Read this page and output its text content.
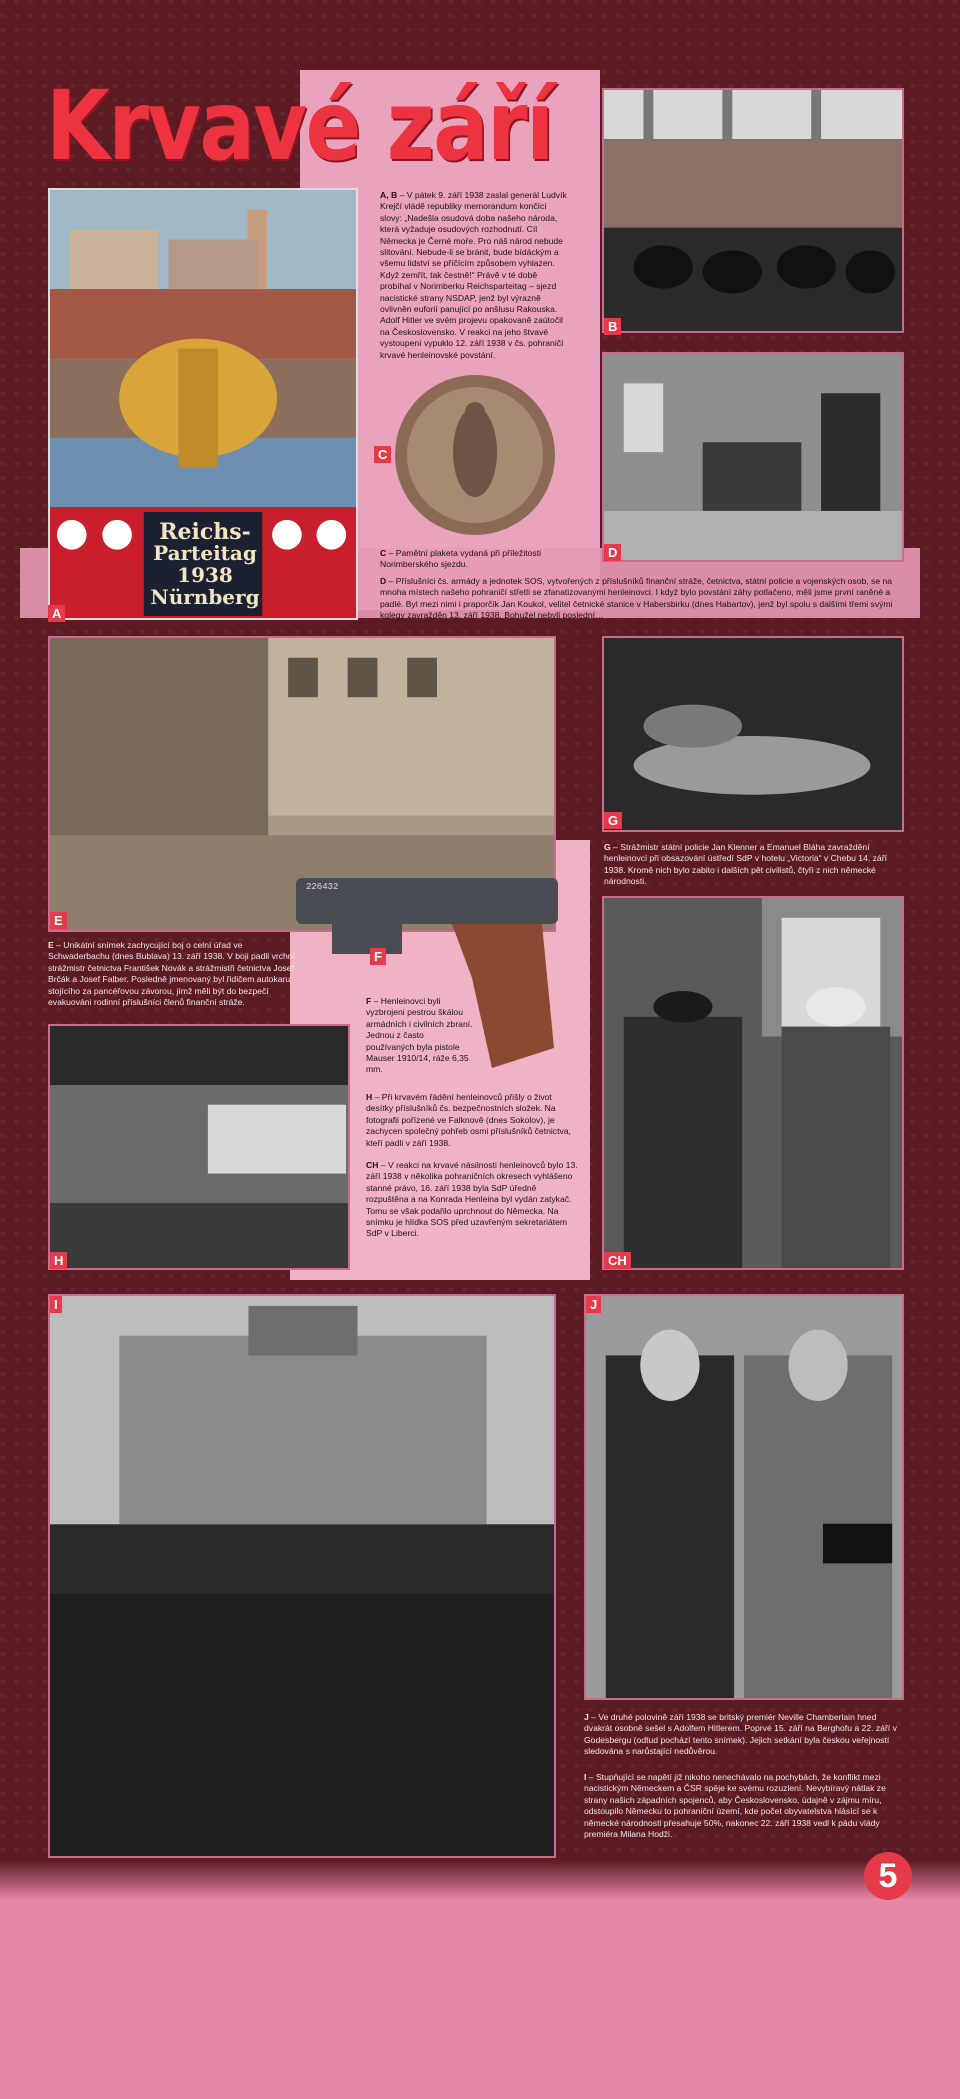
Krvavé září
Reichs-
Parteitag
1938
Nürnberg
A
A, B – V pátek 9. září 1938 zaslal generál Ludvík Krejčí vládě republiky memorandum končící slovy: „Nadešla osudová doba našeho národa, která vyžaduje osudových rozhodnutí. Cíl Německa je Černé moře. Pro náš národ nebude slitování. Nebude-li se bránit, bude bídáckým a všemu lidství se příčícím způsobem vyhlazen. Když zemřít, tak čestně!“ Právě v té době probíhal v Norimberku Reichsparteitag – sjezd nacistické strany NSDAP, jenž byl výrazně ovlivněn euforií panující po anšlusu Rakouska. Adolf Hitler ve svém projevu opakovaně zaútočil na Československo. V reakci na jeho štvavé vystoupení vypuklo 12. září 1938 v čs. pohraničí krvavé henleinovské povstání.
C
B
D
C – Pamětní plaketa vydaná při příležitosti Norimberského sjezdu.
D – Příslušníci čs. armády a jednotek SOS, vytvořených z příslušníků finanční stráže, četnictva, státní policie a vojenských osob, se na mnoha místech našeho pohraničí střetli se zfanatizovanými henleinovci. I když bylo povstání záhy potlačeno, měli jsme první raněné a padlé. Byl mezi nimi i praporčík Jan Koukol, velitel četnické stanice v Habersbirku (dnes Habartov), jenž byl spolu s dalšími třemi svými kolegy zavražděn 13. září 1938. Bohužel nebyli poslední…
E
G
G – Strážmistr státní policie Jan Klenner a Emanuel Bláha zavraždění henleinovci při obsazování ústředí SdP v hotelu „Victoria“ v Chebu 14. září 1938. Kromě nich bylo zabito i dalších pět civilistů, čtyři z nich německé národnosti.
226432
F
E – Unikátní snímek zachycující boj o celní úřad ve Schwaderbachu (dnes Bublava) 13. září 1938. V boji padli vrchní strážmistr četnictva František Novák a strážmistři četnictva Josef Brčák a Josef Falber. Posledně jmenovaný byl řidičem autokaru stojícího za pancéřovou závorou, jímž měli být do bezpečí evakuováni rodinní příslušníci členů finanční stráže.	F – Henleinovci byli vyzbrojeni pestrou škálou armádních i civilních zbraní. Jednou z často používaných byla pistole Mauser 1910/14, ráže 6,35 mm.
H – Při krvavém řádění henleinovců přišly o život desítky příslušníků čs. bezpečnostních složek. Na fotografii pořízené ve Falknově (dnes Sokolov), je zachycen společný pohřeb osmi příslušníků četnictva, kteří padli v září 1938.
CH – V reakci na krvavé násilnosti henleinovců bylo 13. září 1938 v několika pohraničních okresech vyhlášeno stanné právo, 16. září 1938 byla SdP úředně rozpuštěna a na Konrada Henleina byl vydán zatykač. Tomu se však podařilo uprchnout do Německa. Na snímku je hlídka SOS před uzavřeným sekretariátem SdP v Liberci.
H	CH
I	J
J – Ve druhé polovině září 1938 se britský premiér Neville Chamberlain hned dvakrát osobně sešel s Adolfem Hitlerem. Poprvé 15. září na Berghofu a 22. září v Godesbergu (odtud pochází tento snímek). Jejich setkání byla českou veřejností sledována s narůstající nedůvěrou.
I – Stupňující se napětí již nikoho nenechávalo na pochybách, že konflikt mezi nacistickým Německem a ČSR spěje ke svému rozuzlení. Nevybíravý nátlak ze strany našich západních spojenců, aby Československo, údajně v zájmu míru, odstoupilo Německu to pohraniční území, kde počet obyvatelstva hlásící se k německé národnosti přesahuje 50%, nakonec 22. září 1938 vedl k pádu vlády premiéra Milana Hodži.
5
